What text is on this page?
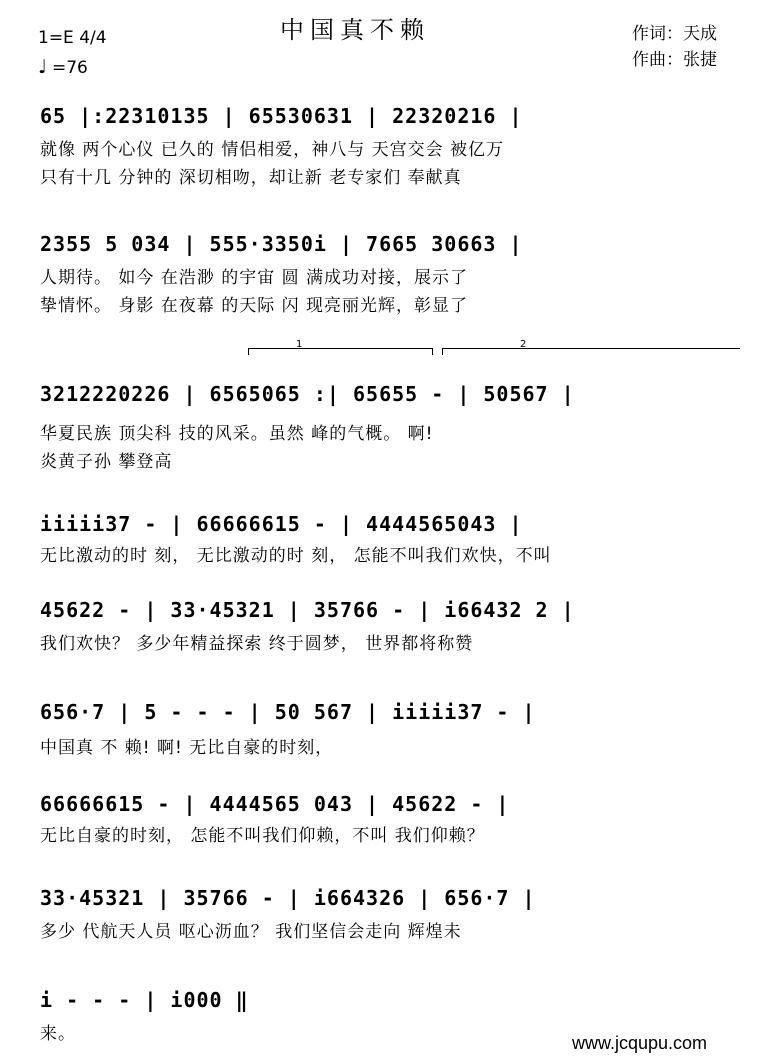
1=E 4/4
♩ =76
中国真不赖	作词：天成
作曲：张捷
65 |:22310135 | 65530631 | 22320216 |
就像 两个心仪 已久的 情侣相爱，神八与 天宫交会 被亿万
只有十几 分钟的 深切相吻，却让新 老专家们 奉献真
2355 5 034 | 555·3350i | 7665 30663 |
人期待。 如今 在浩渺 的宇宙 圆 满成功对接，展示了
挚情怀。 身影 在夜幕 的天际 闪 现亮丽光辉，彰显了
1	2
3212220226 | 6565065 :| 65655 - | 50567 |
华夏民族 顶尖科 技的风采。虽然 峰的气概。 啊!
炎黄子孙 攀登高
iiiii37 - | 66666615 - | 4444565043 |
无比激动的时 刻， 无比激动的时 刻， 怎能不叫我们欢快，不叫
45622 - | 33·45321 | 35766 - | i66432 2 |
我们欢快？ 多少年精益探索 终于圆梦， 世界都将称赞
656·7 | 5 - - - | 50 567 | iiiii37 - |
中国真 不 赖! 啊! 无比自豪的时刻，
66666615 - | 4444565 043 | 45622 - |
无比自豪的时刻， 怎能不叫我们仰赖，不叫 我们仰赖？
33·45321 | 35766 - | i664326 | 656·7 |
多少 代航天人员 呕心沥血？ 我们坚信会走向 辉煌未
i - - - | i000 ‖
来。	www.jcqupu.com
